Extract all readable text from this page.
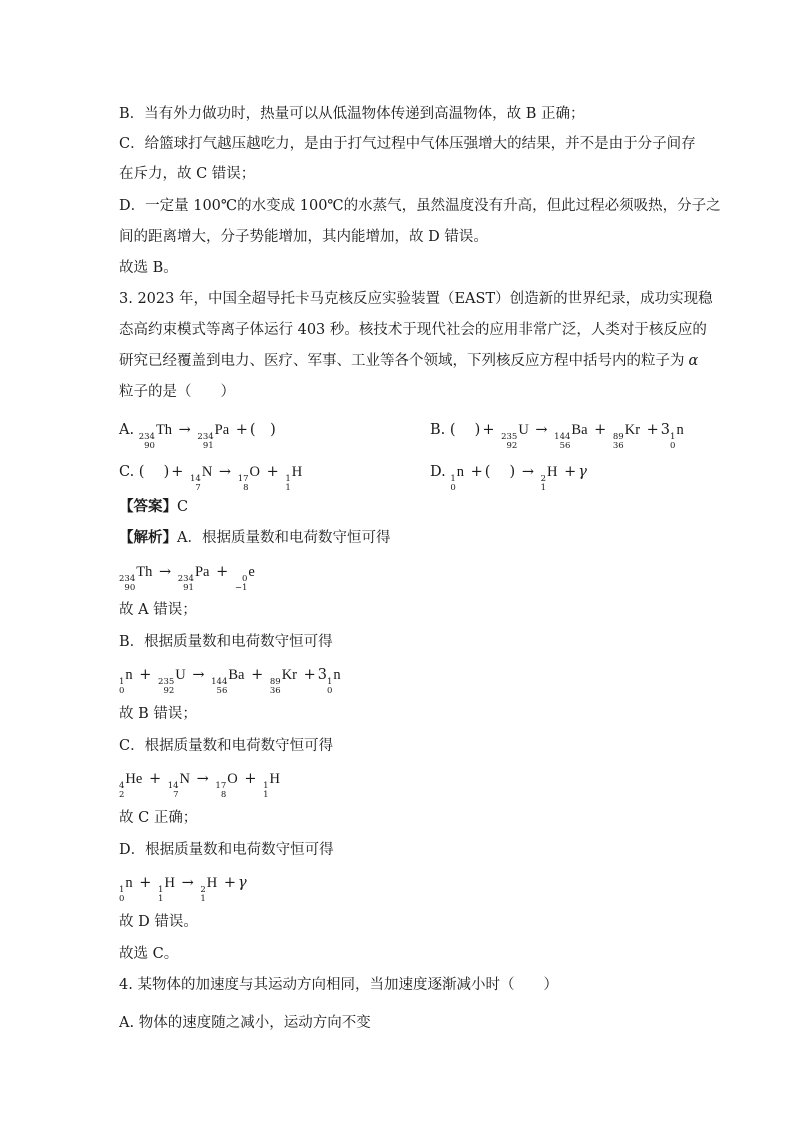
B．当有外力做功时，热量可以从低温物体传递到高温物体，故 B 正确；
C．给篮球打气越压越吃力，是由于打气过程中气体压强增大的结果，并不是由于分子间存
在斥力，故 C 错误；
D．一定量 100℃的水变成 100℃的水蒸气，虽然温度没有升高，但此过程必须吸热，分子之
间的距离增大，分子势能增加，其内能增加，故 D 错误。
故选 B。
3. 2023 年，中国全超导托卡马克核反应实验装置（EAST）创造新的世界纪录，成功实现稳
态高约束模式等离子体运行 403 秒。核技术于现代社会的应用非常广泛，人类对于核反应的
研究已经覆盖到电力、医疗、军事、工业等各个领域，下列核反应方程中括号内的粒子为 α
粒子的是（　　）
A. 234
90
Th → 234
91
Pa + (　)	B. (　 ) + 235
92
U → 144
56
Ba + 89
36
Kr + 3 1
0
n
C. (　 ) + 14
7
N → 17
8
O + 1
1
H	D. 1
0
n + (　 ) → 2
1
H + γ
【答案】C
【解析】A．根据质量数和电荷数守恒可得
234
90
Th → 234
91
Pa + 0
−1
e
故 A 错误；
B．根据质量数和电荷数守恒可得
1
0
n + 235
92
U → 144
56
Ba + 89
36
Kr + 3 1
0
n
故 B 错误；
C．根据质量数和电荷数守恒可得
4
2
He + 14
7
N → 17
8
O + 1
1
H
故 C 正确；
D．根据质量数和电荷数守恒可得
1
0
n + 1
1
H → 2
1
H + γ
故 D 错误。
故选 C。
4. 某物体的加速度与其运动方向相同，当加速度逐渐减小时（　　）
A. 物体的速度随之减小，运动方向不变
